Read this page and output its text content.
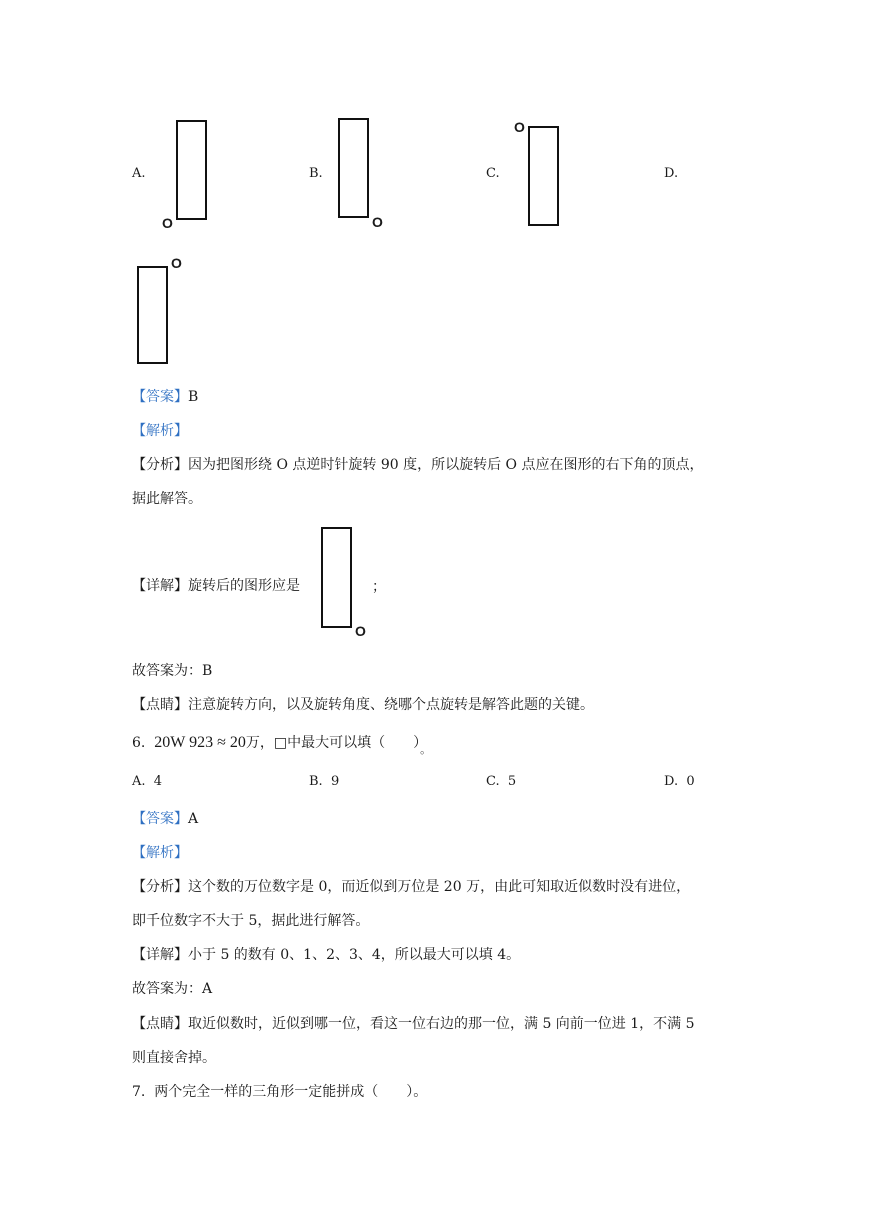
A.
O
B.
O
C.
O
D.
O
【答案】B
【解析】
【分析】因为把图形绕 O 点逆时针旋转 90 度，所以旋转后 O 点应在图形的右下角的顶点，
据此解答。
【详解】旋转后的图形应是
O
；
故答案为：B
【点睛】注意旋转方向，以及旋转角度、绕哪个点旋转是解答此题的关键。
6. 20W 923 ≈ 20万，□中最大可以填（　　）$_。$
A. 4	B. 9	C. 5	D. 0
【答案】A
【解析】
【分析】这个数的万位数字是 0，而近似到万位是 20 万，由此可知取近似数时没有进位，
即千位数字不大于 5，据此进行解答。
【详解】小于 5 的数有 0、1、2、3、4，所以最大可以填 4。
故答案为：A
【点睛】取近似数时，近似到哪一位，看这一位右边的那一位，满 5 向前一位进 1，不满 5
则直接舍掉。
7. 两个完全一样的三角形一定能拼成（　　）。
